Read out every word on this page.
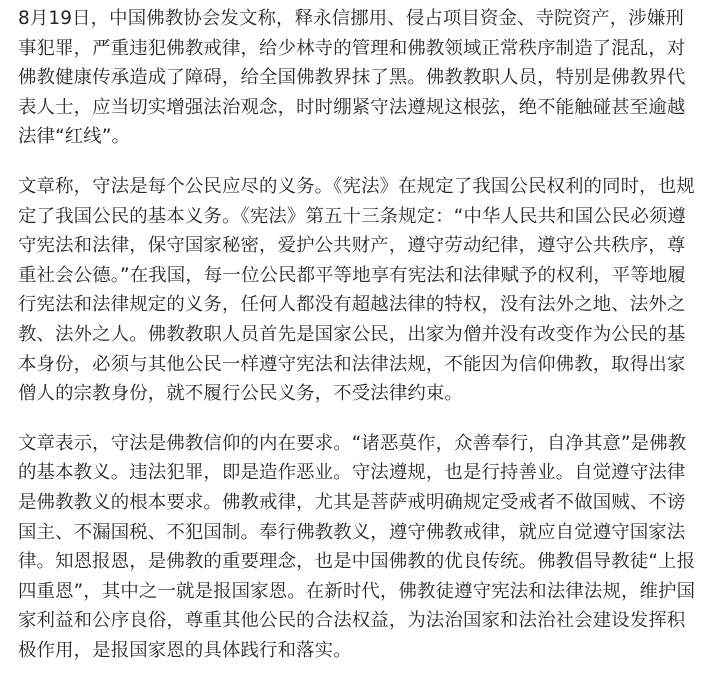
8月19日，中国佛教协会发文称，释永信挪用、侵占项目资金、寺院资产，涉嫌刑事犯罪，严重违犯佛教戒律，给少林寺的管理和佛教领域正常秩序制造了混乱，对佛教健康传承造成了障碍，给全国佛教界抹了黑。佛教教职人员，特别是佛教界代表人士，应当切实增强法治观念，时时绷紧守法遵规这根弦，绝不能触碰甚至逾越法律“红线”。

文章称，守法是每个公民应尽的义务。《宪法》在规定了我国公民权利的同时，也规定了我国公民的基本义务。《宪法》第五十三条规定：“中华人民共和国公民必须遵守宪法和法律，保守国家秘密，爱护公共财产，遵守劳动纪律，遵守公共秩序，尊重社会公德。”在我国，每一位公民都平等地享有宪法和法律赋予的权利，平等地履行宪法和法律规定的义务，任何人都没有超越法律的特权，没有法外之地、法外之教、法外之人。佛教教职人员首先是国家公民，出家为僧并没有改变作为公民的基本身份，必须与其他公民一样遵守宪法和法律法规，不能因为信仰佛教，取得出家僧人的宗教身份，就不履行公民义务，不受法律约束。

文章表示，守法是佛教信仰的内在要求。“诸恶莫作，众善奉行，自净其意”是佛教的基本教义。违法犯罪，即是造作恶业。守法遵规，也是行持善业。自觉遵守法律是佛教教义的根本要求。佛教戒律，尤其是菩萨戒明确规定受戒者不做国贼、不谤国主、不漏国税、不犯国制。奉行佛教教义，遵守佛教戒律，就应自觉遵守国家法律。知恩报恩，是佛教的重要理念，也是中国佛教的优良传统。佛教倡导教徒“上报四重恩”，其中之一就是报国家恩。在新时代，佛教徒遵守宪法和法律法规，维护国家利益和公序良俗，尊重其他公民的合法权益，为法治国家和法治社会建设发挥积极作用，是报国家恩的具体践行和落实。
